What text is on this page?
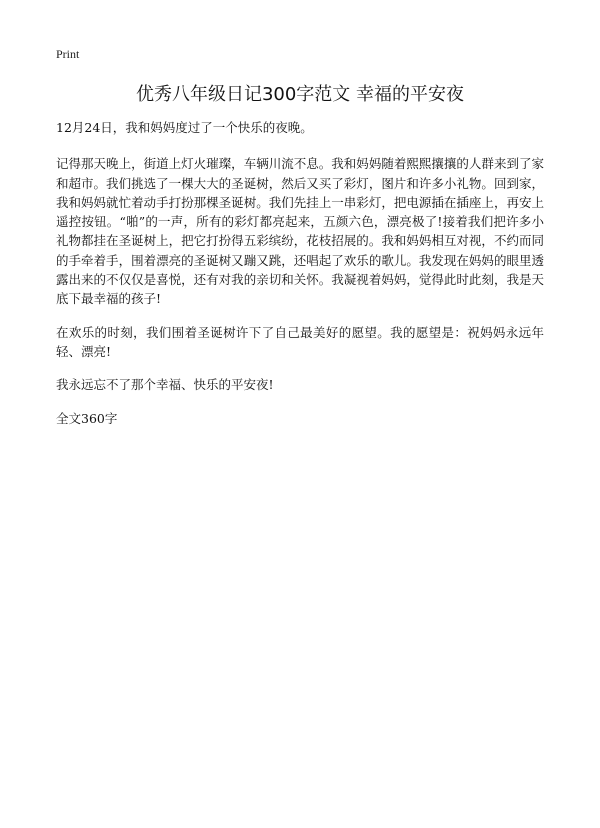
Print
优秀八年级日记300字范文 幸福的平安夜

12月24日，我和妈妈度过了一个快乐的夜晚。

记得那天晚上，街道上灯火璀璨，车辆川流不息。我和妈妈随着熙熙攘攘的人群来到了家和超市。我们挑选了一棵大大的圣诞树，然后又买了彩灯，图片和许多小礼物。回到家，我和妈妈就忙着动手打扮那棵圣诞树。我们先挂上一串彩灯，把电源插在插座上，再安上遥控按钮。“啪”的一声，所有的彩灯都亮起来，五颜六色，漂亮极了!接着我们把许多小礼物都挂在圣诞树上，把它打扮得五彩缤纷，花枝招展的。我和妈妈相互对视，不约而同的手牵着手，围着漂亮的圣诞树又蹦又跳，还唱起了欢乐的歌儿。我发现在妈妈的眼里透露出来的不仅仅是喜悦，还有对我的亲切和关怀。我凝视着妈妈，觉得此时此刻，我是天底下最幸福的孩子!

在欢乐的时刻，我们围着圣诞树许下了自己最美好的愿望。我的愿望是：祝妈妈永远年轻、漂亮!

我永远忘不了那个幸福、快乐的平安夜!

全文360字
